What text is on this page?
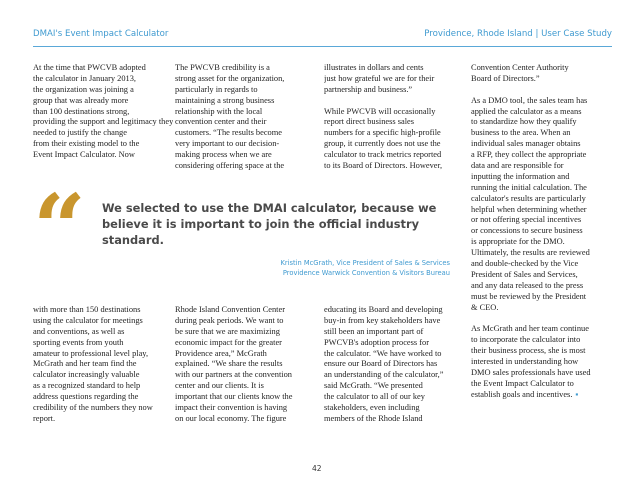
DMAI's Event Impact Calculator	Providence, Rhode Island | User Case Study
At the time that PWCVB adopted
the calculator in January 2013,
the organization was joining a
group that was already more
than 100 destinations strong,
providing the support and legitimacy they
needed to justify the change
from their existing model to the
Event Impact Calculator. Now
The PWCVB credibility is a
strong asset for the organization,
particularly in regards to
maintaining a strong business
relationship with the local
convention center and their
customers. “The results become
very important to our decision-
making process when we are
considering offering space at the
illustrates in dollars and cents
just how grateful we are for their
partnership and business.”
While PWCVB will occasionally
report direct business sales
numbers for a specific high-profile
group, it currently does not use the
calculator to track metrics reported
to its Board of Directors. However,
Convention Center Authority
Board of Directors.”
As a DMO tool, the sales team has
applied the calculator as a means
to standardize how they qualify
business to the area. When an
individual sales manager obtains
a RFP, they collect the appropriate
data and are responsible for
inputting the information and
running the initial calculation. The
calculator's results are particularly
helpful when determining whether
or not offering special incentives
or concessions to secure business
is appropriate for the DMO.
Ultimately, the results are reviewed
and double-checked by the Vice
President of Sales and Services,
and any data released to the press
must be reviewed by the President
& CEO.
As McGrath and her team continue
to incorporate the calculator into
their business process, she is most
interested in understanding how
DMO sales professionals have used
the Event Impact Calculator to
establish goals and incentives. ▪
“ We selected to use the DMAI calculator, because we
believe it is important to join the official industry
standard.
Kristin McGrath, Vice President of Sales & Services
Providence Warwick Convention & Visitors Bureau
with more than 150 destinations
using the calculator for meetings
and conventions, as well as
sporting events from youth
amateur to professional level play,
McGrath and her team find the
calculator increasingly valuable
as a recognized standard to help
address questions regarding the
credibility of the numbers they now
report.
Rhode Island Convention Center
during peak periods. We want to
be sure that we are maximizing
economic impact for the greater
Providence area,” McGrath
explained. “We share the results
with our partners at the convention
center and our clients. It is
important that our clients know the
impact their convention is having
on our local economy. The figure
educating its Board and developing
buy-in from key stakeholders have
still been an important part of
PWCVB's adoption process for
the calculator. “We have worked to
ensure our Board of Directors has
an understanding of the calculator,”
said McGrath. “We presented
the calculator to all of our key
stakeholders, even including
members of the Rhode Island
42
